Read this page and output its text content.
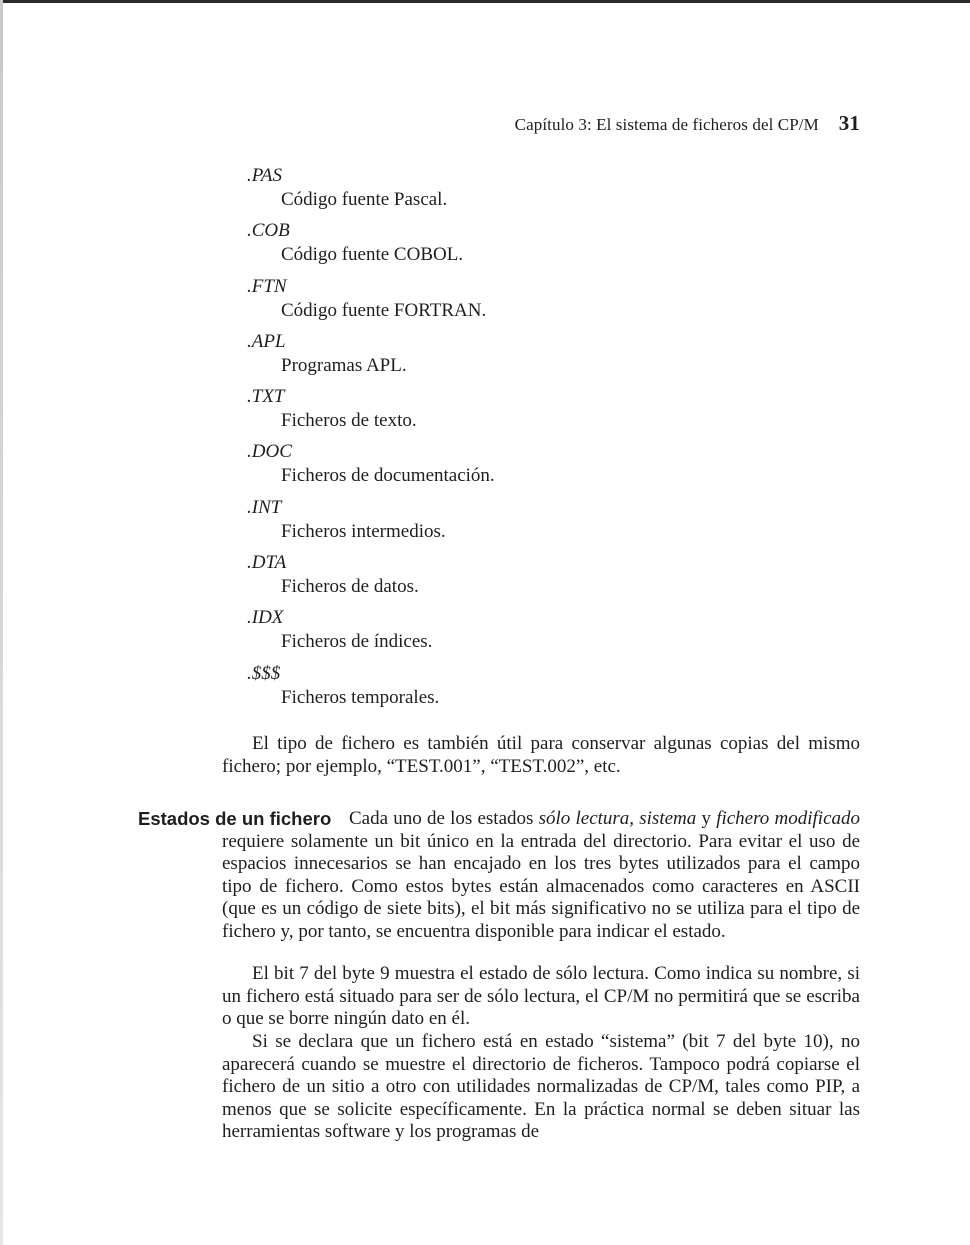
Capítulo 3: El sistema de ficheros del CP/M 31
.PAS
Código fuente Pascal.
.COB
Código fuente COBOL.
.FTN
Código fuente FORTRAN.
.APL
Programas APL.
.TXT
Ficheros de texto.
.DOC
Ficheros de documentación.
.INT
Ficheros intermedios.
.DTA
Ficheros de datos.
.IDX
Ficheros de índices.
.$$$
Ficheros temporales.

El tipo de fichero es también útil para conservar algunas copias del mismo fichero; por ejemplo, “TEST.001”, “TEST.002”, etc.

Estados de un fichero Cada uno de los estados sólo lectura, sistema y fichero modificado requiere solamente un bit único en la entrada del directorio. Para evitar el uso de espacios innecesarios se han encajado en los tres bytes utilizados para el campo tipo de fichero. Como estos bytes están almacenados como caracteres en ASCII (que es un código de siete bits), el bit más significativo no se utiliza para el tipo de fichero y, por tanto, se encuentra disponible para indicar el estado.

El bit 7 del byte 9 muestra el estado de sólo lectura. Como indica su nombre, si un fichero está situado para ser de sólo lectura, el CP/M no permitirá que se escriba o que se borre ningún dato en él.

Si se declara que un fichero está en estado “sistema” (bit 7 del byte 10), no aparecerá cuando se muestre el directorio de ficheros. Tampoco podrá copiarse el fichero de un sitio a otro con utilidades normalizadas de CP/M, tales como PIP, a menos que se solicite específicamente. En la práctica normal se deben situar las herramientas software y los programas de
